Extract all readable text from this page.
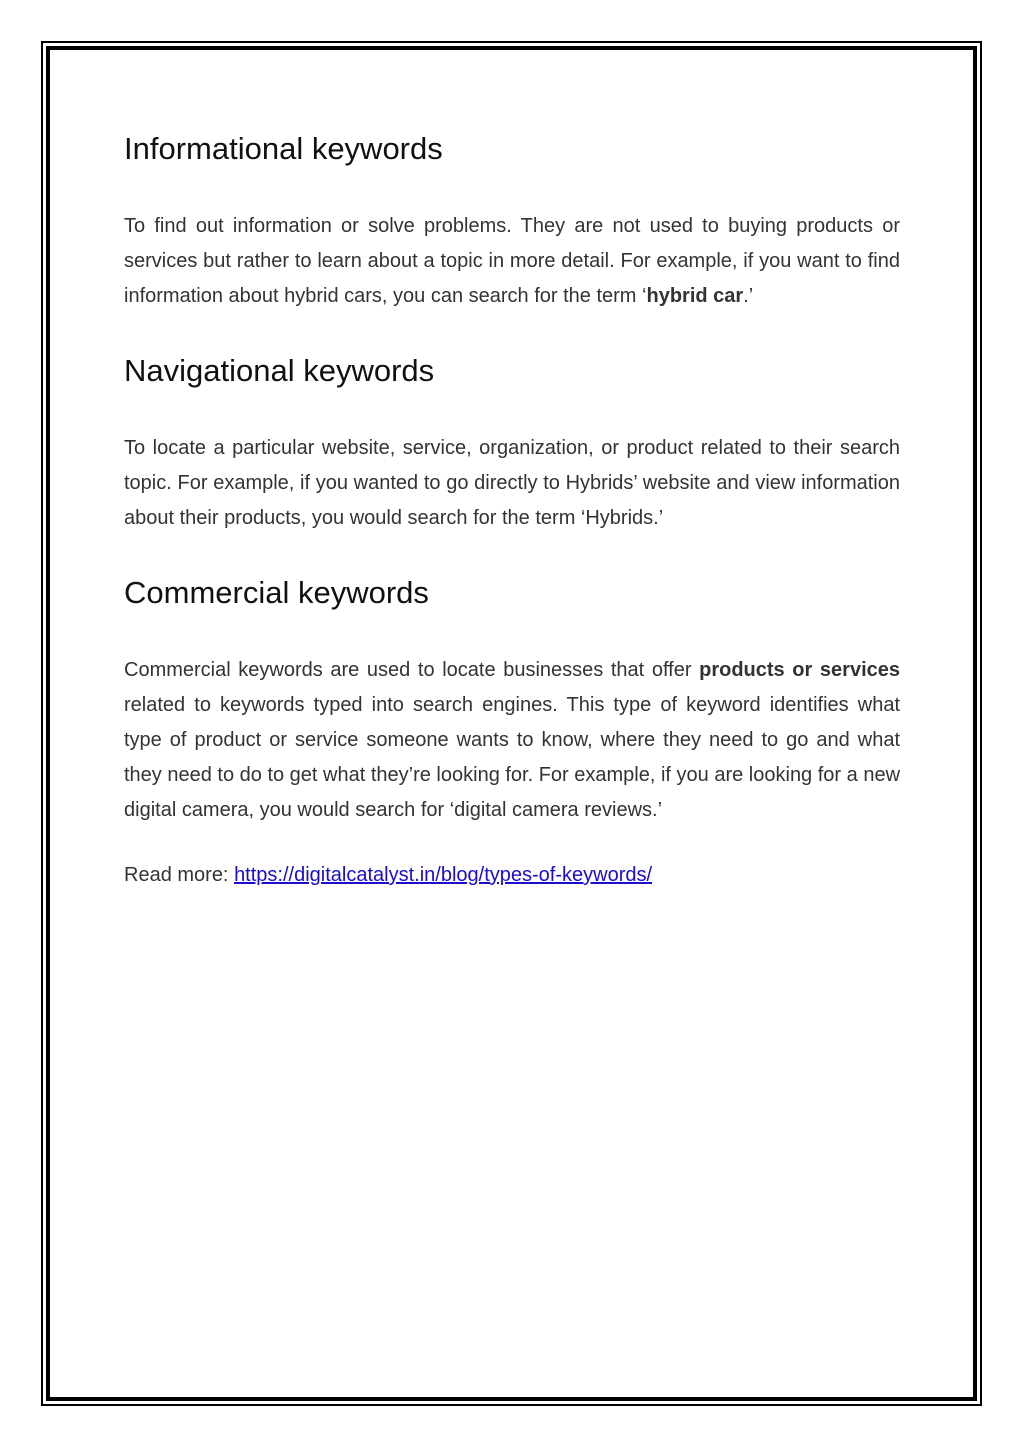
Informational keywords

To find out information or solve problems. They are not used to buying products or services but rather to learn about a topic in more detail. For example, if you want to find information about hybrid cars, you can search for the term ‘hybrid car.’

Navigational keywords

To locate a particular website, service, organization, or product related to their search topic. For example, if you wanted to go directly to Hybrids’ website and view information about their products, you would search for the term ‘Hybrids.’

Commercial keywords

Commercial keywords are used to locate businesses that offer products or services related to keywords typed into search engines. This type of keyword identifies what type of product or service someone wants to know, where they need to go and what they need to do to get what they’re looking for. For example, if you are looking for a new digital camera, you would search for ‘digital camera reviews.’

Read more: https://digitalcatalyst.in/blog/types-of-keywords/
